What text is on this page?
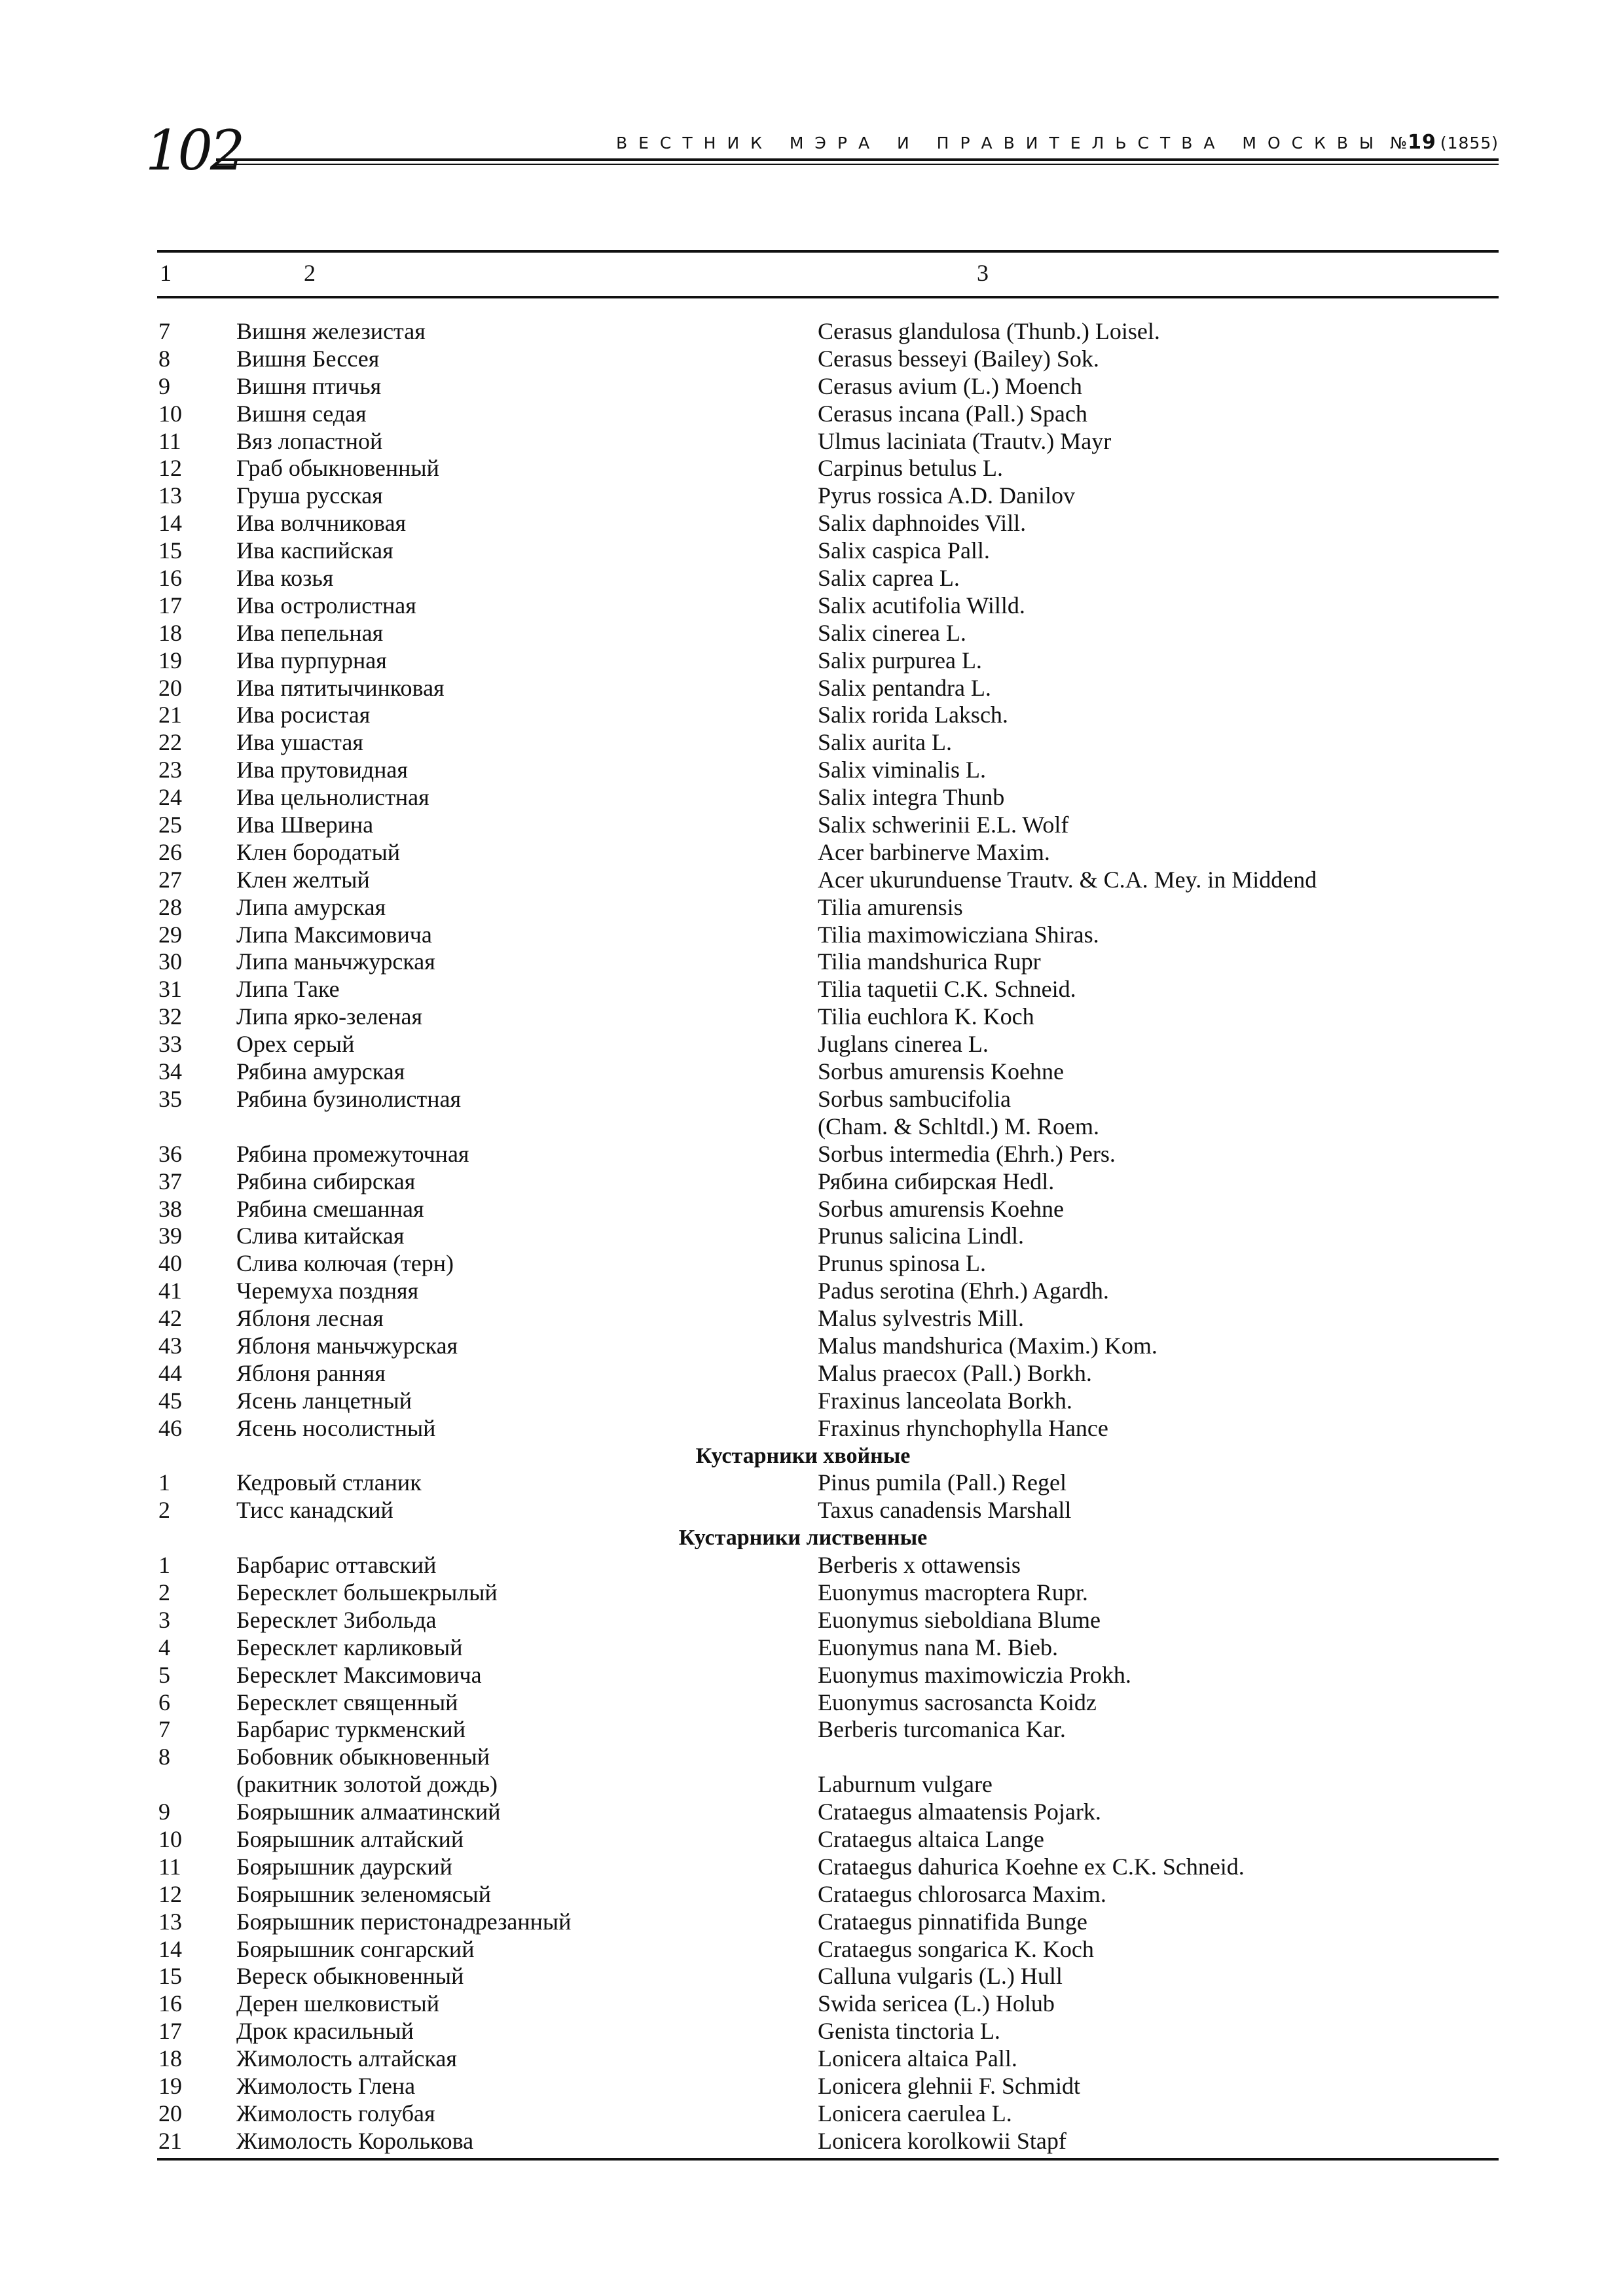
102	ВЕСТНИК МЭРА И ПРАВИТЕЛЬСТВА МОСКВЫ №19 (1855)
1	2	3
7	Вишня железистая	Cerasus glandulosa (Thunb.) Loisel.
8	Вишня Бессея	Cerasus besseyi (Bailey) Sok.
9	Вишня птичья	Cerasus avium (L.) Moench
10 Вишня седая	Cerasus incana (Pall.) Spach
11 Вяз лопастной	Ulmus laciniata (Trautv.) Mayr
12 Граб обыкновенный	Carpinus betulus L.
13 Груша русская	Pyrus rossica A.D. Danilov
14 Ива волчниковая	Salix daphnoides Vill.
15 Ива каспийская	Salix caspica Pall.
16 Ива козья	Salix caprea L.
17 Ива остролистная	Salix acutifolia Willd.
18 Ива пепельная	Salix cinerea L.
19 Ива пурпурная	Salix purpurea L.
20 Ива пятитычинковая	Salix pentandra L.
21 Ива росистая	Salix rorida Laksch.
22 Ива ушастая	Salix aurita L.
23 Ива прутовидная	Salix viminalis L.
24 Ива цельнолистная	Salix integra Thunb
25 Ива Шверина	Salix schwerinii E.L. Wolf
26 Клен бородатый	Acer barbinerve Maxim.
27 Клен желтый	Acer ukurunduense Trautv. & C.A. Mey. in Middend
28 Липа амурская	Tilia amurensis
29 Липа Максимовича	Tilia maximowicziana Shiras.
30 Липа маньчжурская	Tilia mandshurica Rupr
31 Липа Таке	Tilia taquetii C.K. Schneid.
32 Липа ярко-зеленая	Tilia euchlora K. Koch
33 Орех серый	Juglans cinerea L.
34 Рябина амурская	Sorbus amurensis Koehne
35 Рябина бузинолистная	Sorbus sambucifolia
(Cham. & Schltdl.) M. Roem.
36 Рябина промежуточная	Sorbus intermedia (Ehrh.) Pers.
37 Рябина сибирская	Рябина сибирская Hedl.
38 Рябина смешанная	Sorbus amurensis Koehne
39 Слива китайская	Prunus salicina Lindl.
40 Слива колючая (терн)	Prunus spinosa L.
41 Черемуха поздняя	Padus serotina (Ehrh.) Agardh.
42 Яблоня лесная	Malus sylvestris Mill.
43 Яблоня маньчжурская	Malus mandshurica (Maxim.) Kom.
44 Яблоня ранняя	Malus praecox (Pall.) Borkh.
45 Ясень ланцетный	Fraxinus lanceolata Borkh.
46 Ясень носолистный	Fraxinus rhynchophylla Hance
Кустарники хвойные
1	Кедровый стланик	Pinus pumila (Pall.) Regel
2	Тисс канадский	Taxus canadensis Marshall
Кустарники лиственные
1	Барбарис оттавский	Berberis x ottawensis
2	Бересклет большекрылый	Euonymus macroptera Rupr.
3	Бересклет Зибольда	Euonymus sieboldiana Blume
4	Бересклет карликовый	Euonymus nana M. Bieb.
5	Бересклет Максимовича	Euonymus maximowiczia Prokh.
6	Бересклет священный	Euonymus sacrosancta Koidz
7	Барбарис туркменский	Berberis turcomanica Kar.
8	Бобовник обыкновенный
(ракитник золотой дождь)	Laburnum vulgare
9	Боярышник алмаатинский	Crataegus almaatensis Pojark.
10 Боярышник алтайский	Crataegus altaica Lange
11 Боярышник даурский	Crataegus dahurica Koehne ex C.K. Schneid.
12 Боярышник зеленомясый	Crataegus chlorosarca Maxim.
13 Боярышник перистонадрезанный	Crataegus pinnatifida Bunge
14 Боярышник сонгарский	Crataegus songarica K. Koch
15 Вереск обыкновенный	Calluna vulgaris (L.) Hull
16 Дерен шелковистый	Swida sericea (L.) Holub
17 Дрок красильный	Genista tinctoria L.
18 Жимолость алтайская	Lonicera altaica Pall.
19 Жимолость Глена	Lonicera glehnii F. Schmidt
20 Жимолость голубая	Lonicera caerulea L.
21 Жимолость Королькова	Lonicera korolkowii Stapf
